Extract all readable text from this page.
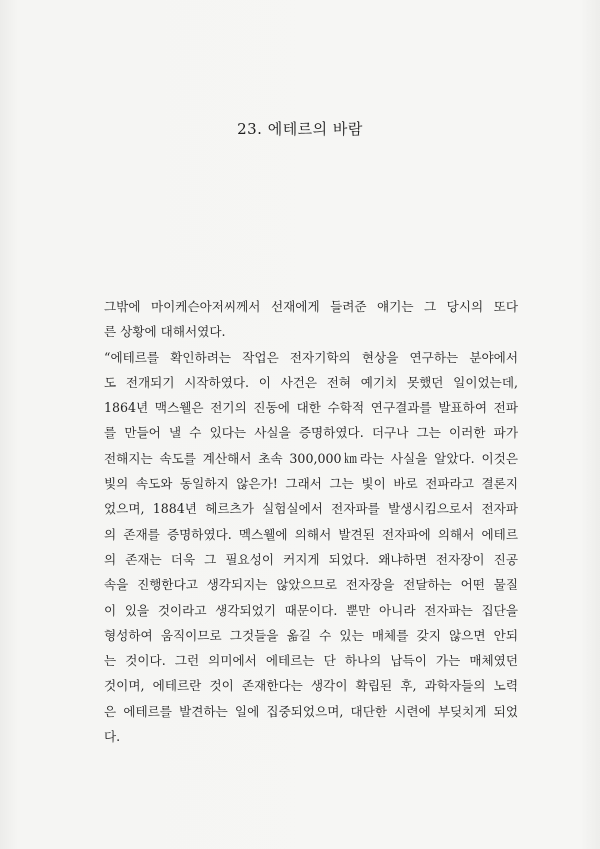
23. 에테르의 바람
그밖에 마이케슨아저씨께서 선재에게 들려준 얘기는 그 당시의 또다
른 상황에 대해서였다.
“에테르를 확인하려는 작업은 전자기학의 현상을 연구하는 분야에서
도 전개되기 시작하였다. 이 사건은 전혀 예기치 못했던 일이었는데,
1864년 맥스웰은 전기의 진동에 대한 수학적 연구결과를 발표하여 전파
를 만들어 낼 수 있다는 사실을 증명하였다. 더구나 그는 이러한 파가
전해지는 속도를 계산해서 초속 300,000㎞라는 사실을 알았다. 이것은
빛의 속도와 동일하지 않은가! 그래서 그는 빛이 바로 전파라고 결론지
었으며, 1884년 헤르츠가 실험실에서 전자파를 발생시킴으로서 전자파
의 존재를 증명하였다. 멕스웰에 의해서 발견된 전자파에 의해서 에테르
의 존재는 더욱 그 필요성이 커지게 되었다. 왜냐하면 전자장이 진공
속을 진행한다고 생각되지는 않았으므로 전자장을 전달하는 어떤 물질
이 있을 것이라고 생각되었기 때문이다. 뿐만 아니라 전자파는 집단을
형성하여 움직이므로 그것들을 옮길 수 있는 매체를 갖지 않으면 안되
는 것이다. 그런 의미에서 에테르는 단 하나의 납득이 가는 매체였던
것이며, 에테르란 것이 존재한다는 생각이 확립된 후, 과학자들의 노력
은 에테르를 발견하는 일에 집중되었으며, 대단한 시련에 부딪치게 되었
다.
